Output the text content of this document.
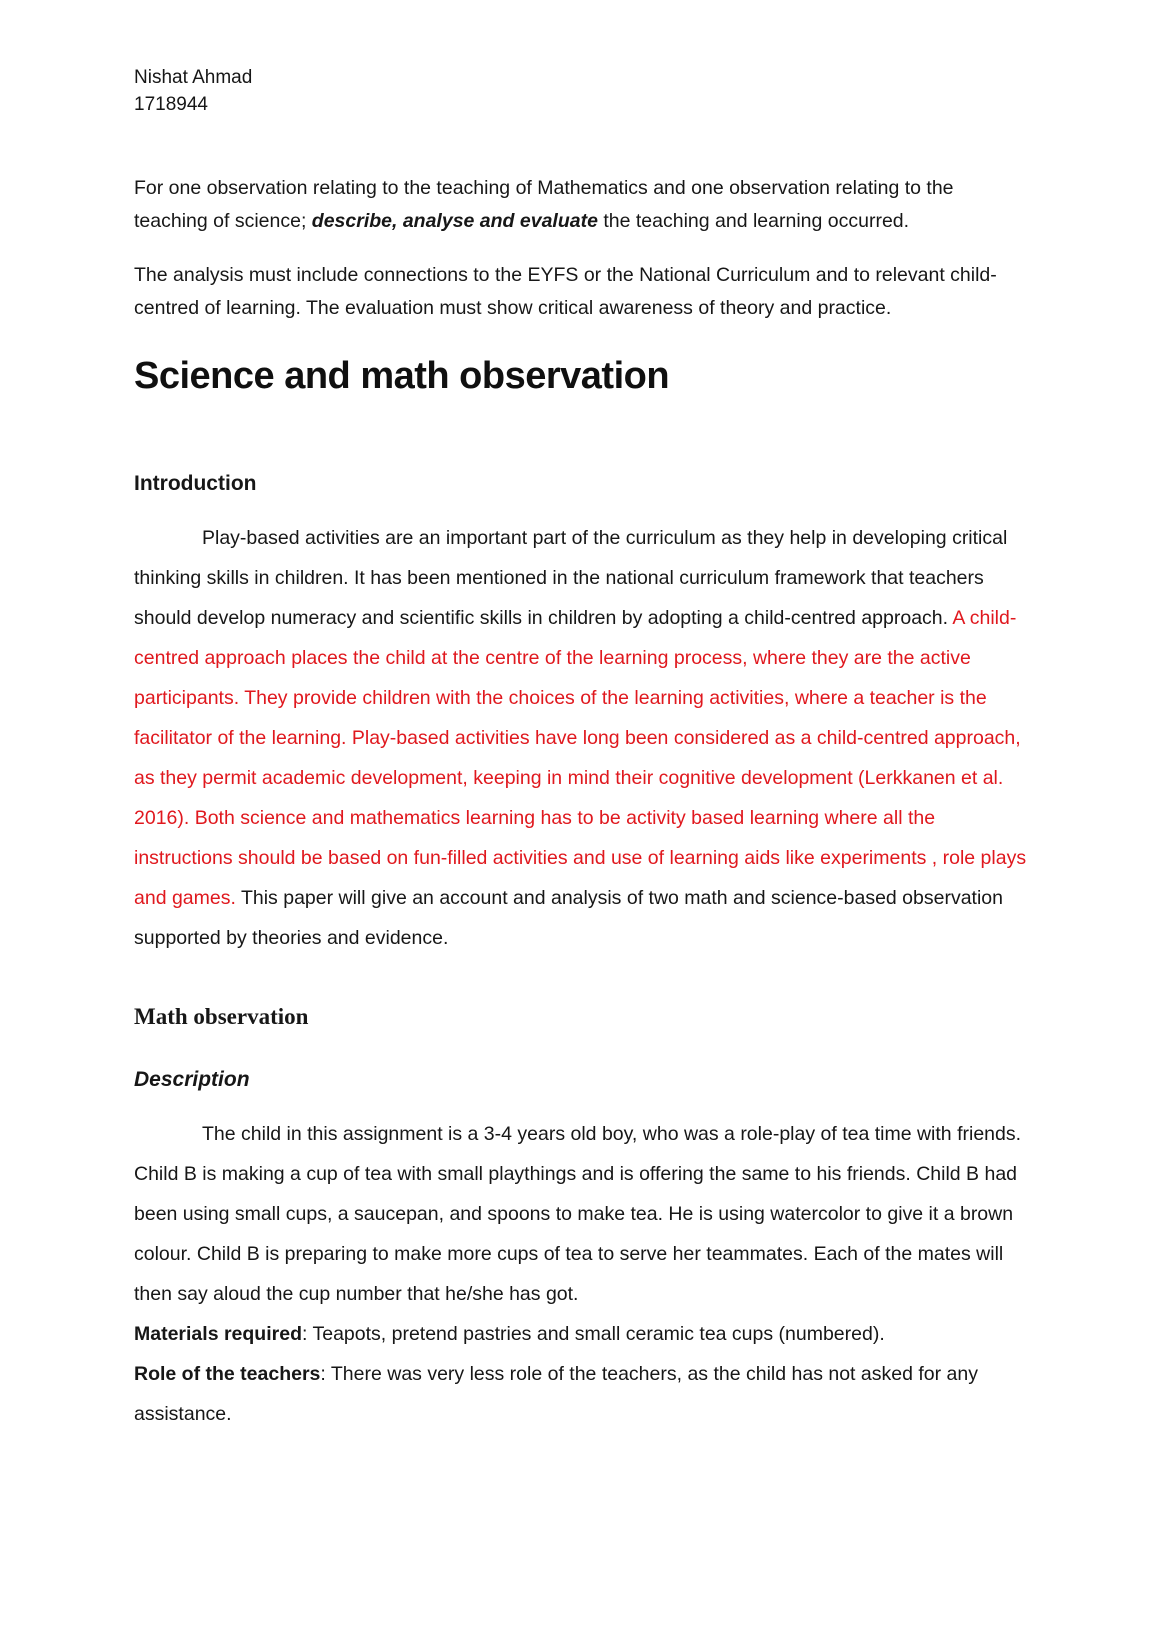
Nishat Ahmad
1718944

For one observation relating to the teaching of Mathematics and one observation relating to the teaching of science; describe, analyse and evaluate the teaching and learning occurred.

The analysis must include connections to the EYFS or the National Curriculum and to relevant child-centred of learning. The evaluation must show critical awareness of theory and practice.

Science and math observation
Introduction

Play-based activities are an important part of the curriculum as they help in developing critical thinking skills in children. It has been mentioned in the national curriculum framework that teachers should develop numeracy and scientific skills in children by adopting a child-centred approach. A child-centred approach places the child at the centre of the learning process, where they are the active participants. They provide children with the choices of the learning activities, where a teacher is the facilitator of the learning. Play-based activities have long been considered as a child-centred approach, as they permit academic development, keeping in mind their cognitive development (Lerkkanen et al. 2016). Both science and mathematics learning has to be activity based learning where all the instructions should be based on fun-filled activities and use of learning aids like experiments , role plays and games. This paper will give an account and analysis of two math and science-based observation supported by theories and evidence.

Math observation
Description

The child in this assignment is a 3-4 years old boy, who was a role-play of tea time with friends. Child B is making a cup of tea with small playthings and is offering the same to his friends. Child B had been using small cups, a saucepan, and spoons to make tea. He is using watercolor to give it a brown colour. Child B is preparing to make more cups of tea to serve her teammates. Each of the mates will then say aloud the cup number that he/she has got.

Materials required: Teapots, pretend pastries and small ceramic tea cups (numbered).

Role of the teachers: There was very less role of the teachers, as the child has not asked for any assistance.
